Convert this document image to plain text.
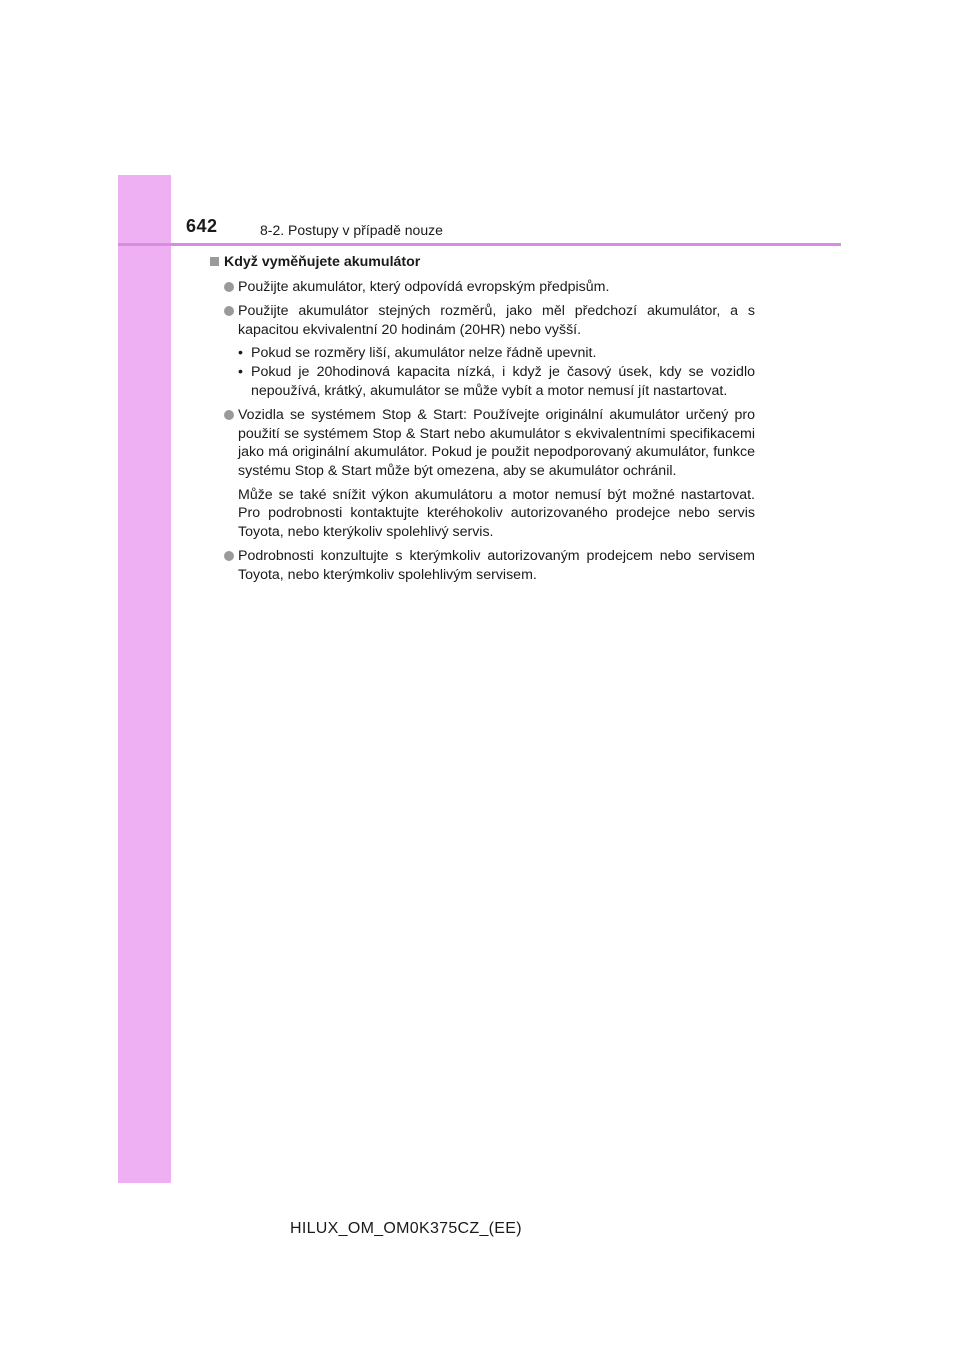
642	8-2. Postupy v případě nouze
Když vyměňujete akumulátor
Použijte akumulátor, který odpovídá evropským předpisům.
Použijte akumulátor stejných rozměrů, jako měl předchozí akumulátor, a s kapacitou ekvivalentní 20 hodinám (20HR) nebo vyšší.
• Pokud se rozměry liší, akumulátor nelze řádně upevnit.
• Pokud je 20hodinová kapacita nízká, i když je časový úsek, kdy se vozidlo nepoužívá, krátký, akumulátor se může vybít a motor nemusí jít nastartovat.
Vozidla se systémem Stop & Start: Používejte originální akumulátor určený pro použití se systémem Stop & Start nebo akumulátor s ekvivalentními specifikacemi jako má originální akumulátor. Pokud je použit nepodporovaný akumulátor, funkce systému Stop & Start může být omezena, aby se akumulátor ochránil.
Může se také snížit výkon akumulátoru a motor nemusí být možné nastartovat. Pro podrobnosti kontaktujte kteréhokoliv autorizovaného prodejce nebo servis Toyota, nebo kterýkoliv spolehlivý servis.
Podrobnosti konzultujte s kterýmkoliv autorizovaným prodejcem nebo servisem Toyota, nebo kterýmkoliv spolehlivým servisem.
HILUX_OM_OM0K375CZ_(EE)
